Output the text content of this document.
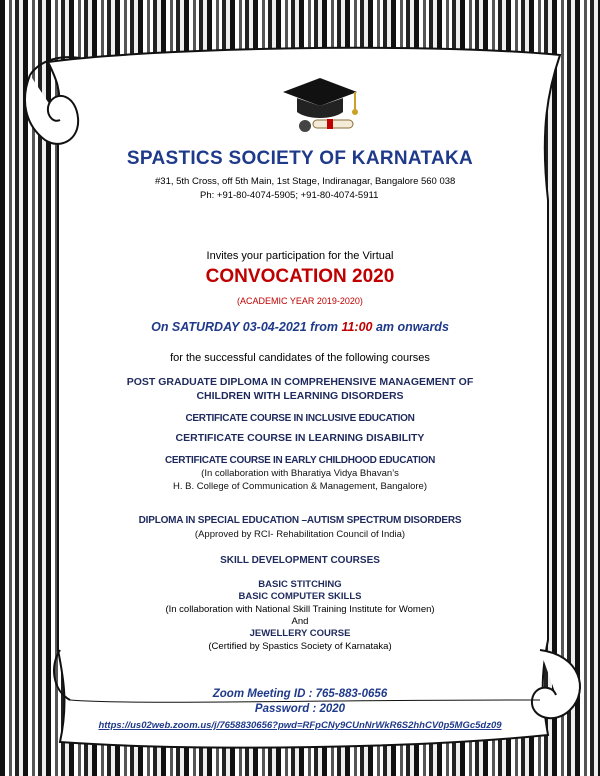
SPASTICS SOCIETY OF KARNATAKA
#31, 5th Cross, off 5th Main, 1st Stage, Indiranagar, Bangalore 560 038
Ph: +91-80-4074-5905; +91-80-4074-5911
Invites your participation for the Virtual
CONVOCATION 2020
(ACADEMIC YEAR 2019-2020)
On SATURDAY 03-04-2021 from 11:00 am onwards
for the successful candidates of the following courses
POST GRADUATE DIPLOMA IN COMPREHENSIVE MANAGEMENT OF
CHILDREN WITH LEARNING DISORDERS
CERTIFICATE COURSE IN INCLUSIVE EDUCATION
CERTIFICATE COURSE IN LEARNING DISABILITY
CERTIFICATE COURSE IN EARLY CHILDHOOD EDUCATION
(In collaboration with Bharatiya Vidya Bhavan’s
H. B. College of Communication & Management, Bangalore)
DIPLOMA IN SPECIAL EDUCATION –AUTISM SPECTRUM DISORDERS
(Approved by RCI- Rehabilitation Council of India)
SKILL DEVELOPMENT COURSES
BASIC STITCHING
BASIC COMPUTER SKILLS
(In collaboration with National Skill Training Institute for Women)
And
JEWELLERY COURSE
(Certified by Spastics Society of Karnataka)
Zoom Meeting ID : 765-883-0656
Password : 2020
https://us02web.zoom.us/j/7658830656?pwd=RFpCNy9CUnNrWkR6S2hhCV0p5MGc5dz09
